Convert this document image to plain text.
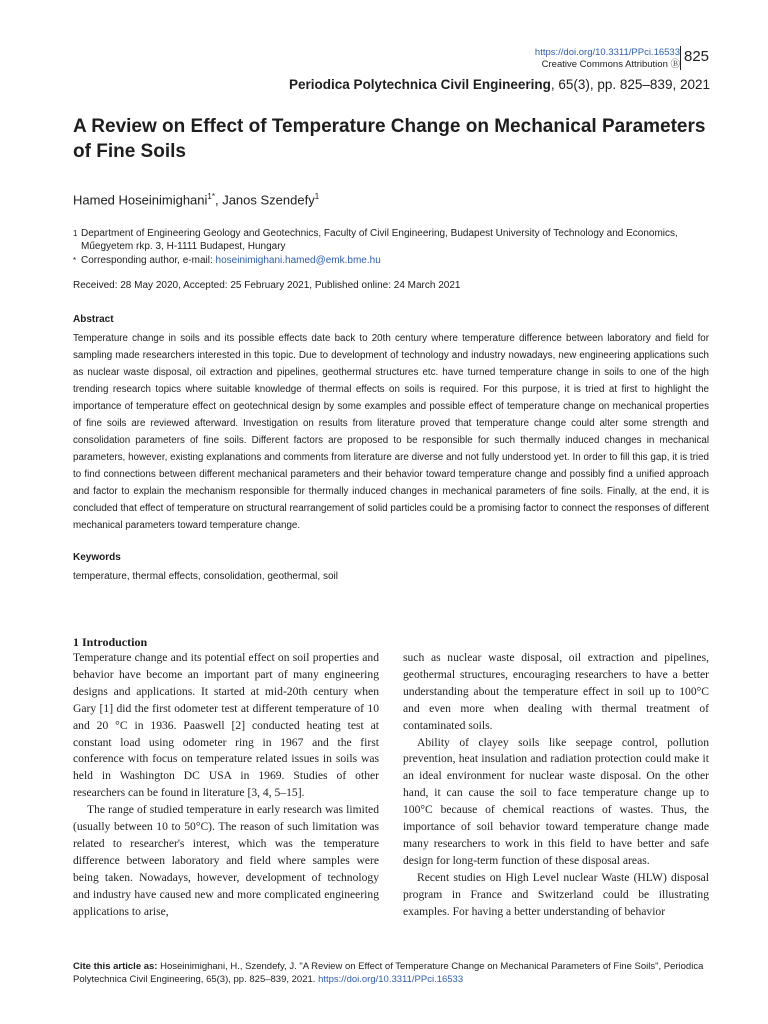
https://doi.org/10.3311/PPci.16533
Creative Commons Attribution Ⓑ 825
Periodica Polytechnica Civil Engineering, 65(3), pp. 825–839, 2021
A Review on Effect of Temperature Change on Mechanical Parameters of Fine Soils
Hamed Hoseinimighani$^{1*}$, Janos Szendefy$^1$
1 Department of Engineering Geology and Geotechnics, Faculty of Civil Engineering, Budapest University of Technology and Economics, Műegyetem rkp. 3, H-1111 Budapest, Hungary
* Corresponding author, e-mail: hoseinimighani.hamed@emk.bme.hu
Received: 28 May 2020, Accepted: 25 February 2021, Published online: 24 March 2021
Abstract
Temperature change in soils and its possible effects date back to 20th century where temperature difference between laboratory and field for sampling made researchers interested in this topic. Due to development of technology and industry nowadays, new engineering applications such as nuclear waste disposal, oil extraction and pipelines, geothermal structures etc. have turned temperature change in soils to one of the high trending research topics where suitable knowledge of thermal effects on soils is required. For this purpose, it is tried at first to highlight the importance of temperature effect on geotechnical design by some examples and possible effect of temperature change on mechanical properties of fine soils are reviewed afterward. Investigation on results from literature proved that temperature change could alter some strength and consolidation parameters of fine soils. Different factors are proposed to be responsible for such thermally induced changes in mechanical parameters, however, existing explanations and comments from literature are diverse and not fully understood yet. In order to fill this gap, it is tried to find connections between different mechanical parameters and their behavior toward temperature change and possibly find a unified approach and factor to explain the mechanism responsible for thermally induced changes in mechanical parameters of fine soils. Finally, at the end, it is concluded that effect of temperature on structural rearrangement of solid particles could be a promising factor to connect the responses of different mechanical parameters toward temperature change.
Keywords
temperature, thermal effects, consolidation, geothermal, soil
1 Introduction

Temperature change and its potential effect on soil properties and behavior have become an important part of many engineering designs and applications. It started at mid-20th century when Gary [1] did the first odometer test at different temperature of 10 and 20 °C in 1936. Paaswell [2] conducted heating test at constant load using odometer ring in 1967 and the first conference with focus on temperature related issues in soils was held in Washington DC USA in 1969. Studies of other researchers can be found in literature [3, 4, 5–15].

The range of studied temperature in early research was limited (usually between 10 to 50°C). The reason of such limitation was related to researcher's interest, which was the temperature difference between laboratory and field where samples were being taken. Nowadays, however, development of technology and industry have caused new and more complicated engineering applications to arise,

such as nuclear waste disposal, oil extraction and pipelines, geothermal structures, encouraging researchers to have a better understanding about the temperature effect in soil up to 100°C and even more when dealing with thermal treatment of contaminated soils.

Ability of clayey soils like seepage control, pollution prevention, heat insulation and radiation protection could make it an ideal environment for nuclear waste disposal. On the other hand, it can cause the soil to face temperature change up to 100°C because of chemical reactions of wastes. Thus, the importance of soil behavior toward temperature change made many researchers to work in this field to have better and safe design for long-term function of these disposal areas.

Recent studies on High Level nuclear Waste (HLW) disposal program in France and Switzerland could be illustrating examples. For having a better understanding of behavior

Cite this article as: Hoseinimighani, H., Szendefy, J. "A Review on Effect of Temperature Change on Mechanical Parameters of Fine Soils", Periodica Polytechnica Civil Engineering, 65(3), pp. 825–839, 2021. https://doi.org/10.3311/PPci.16533
